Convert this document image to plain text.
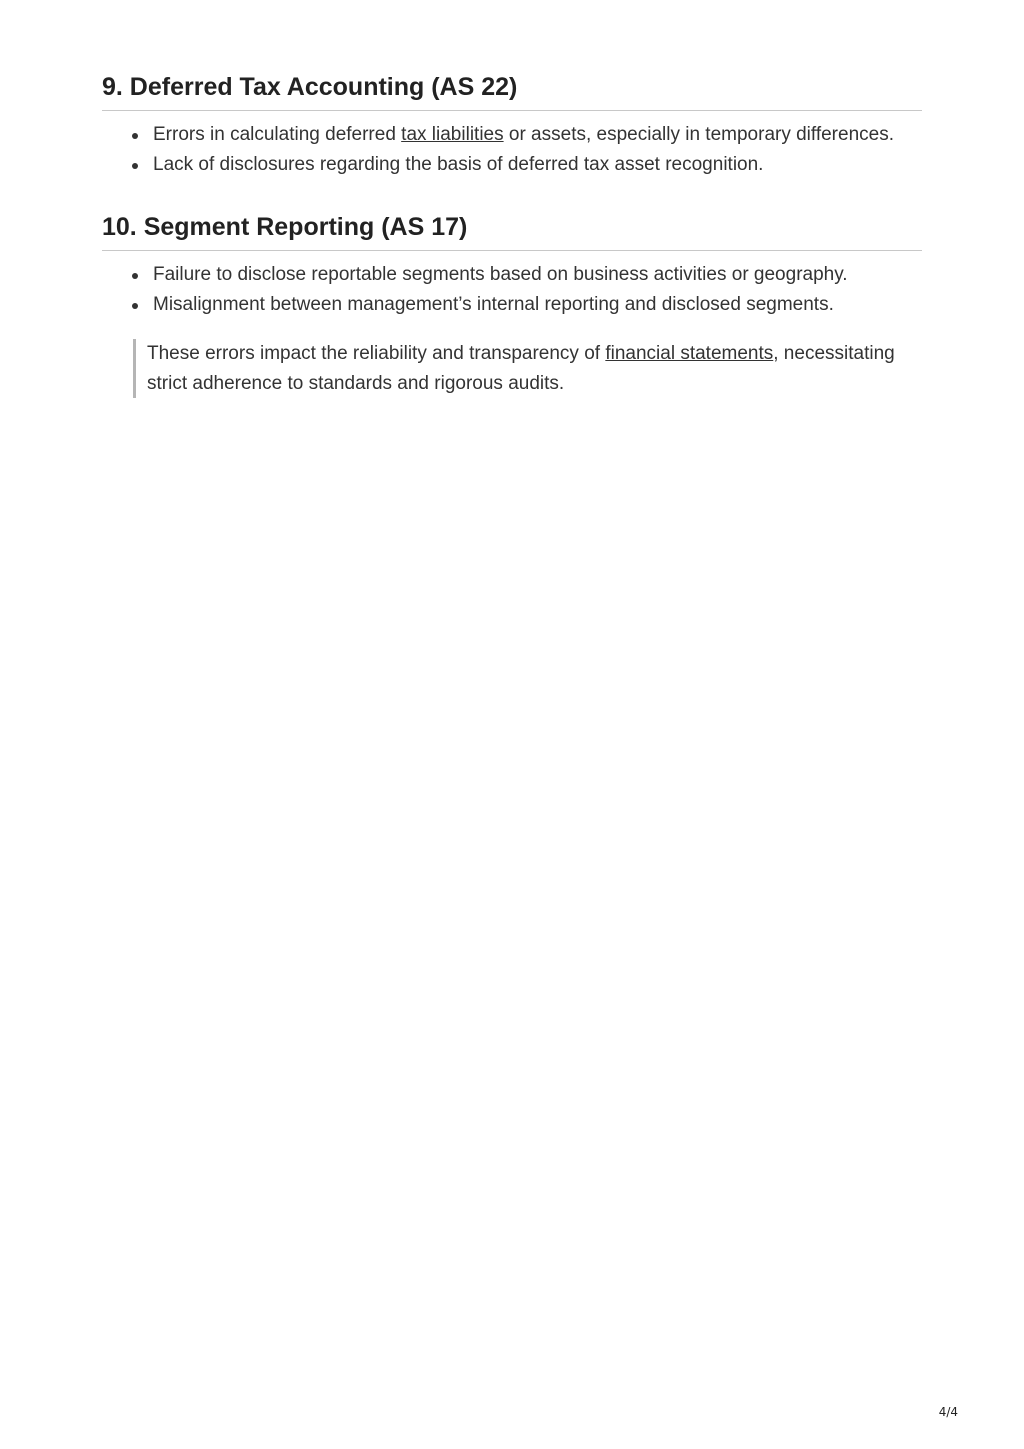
9. Deferred Tax Accounting (AS 22)
Errors in calculating deferred tax liabilities or assets, especially in temporary differences.
Lack of disclosures regarding the basis of deferred tax asset recognition.
10. Segment Reporting (AS 17)
Failure to disclose reportable segments based on business activities or geography.
Misalignment between management’s internal reporting and disclosed segments.
These errors impact the reliability and transparency of financial statements, necessitating strict adherence to standards and rigorous audits.
4/4
